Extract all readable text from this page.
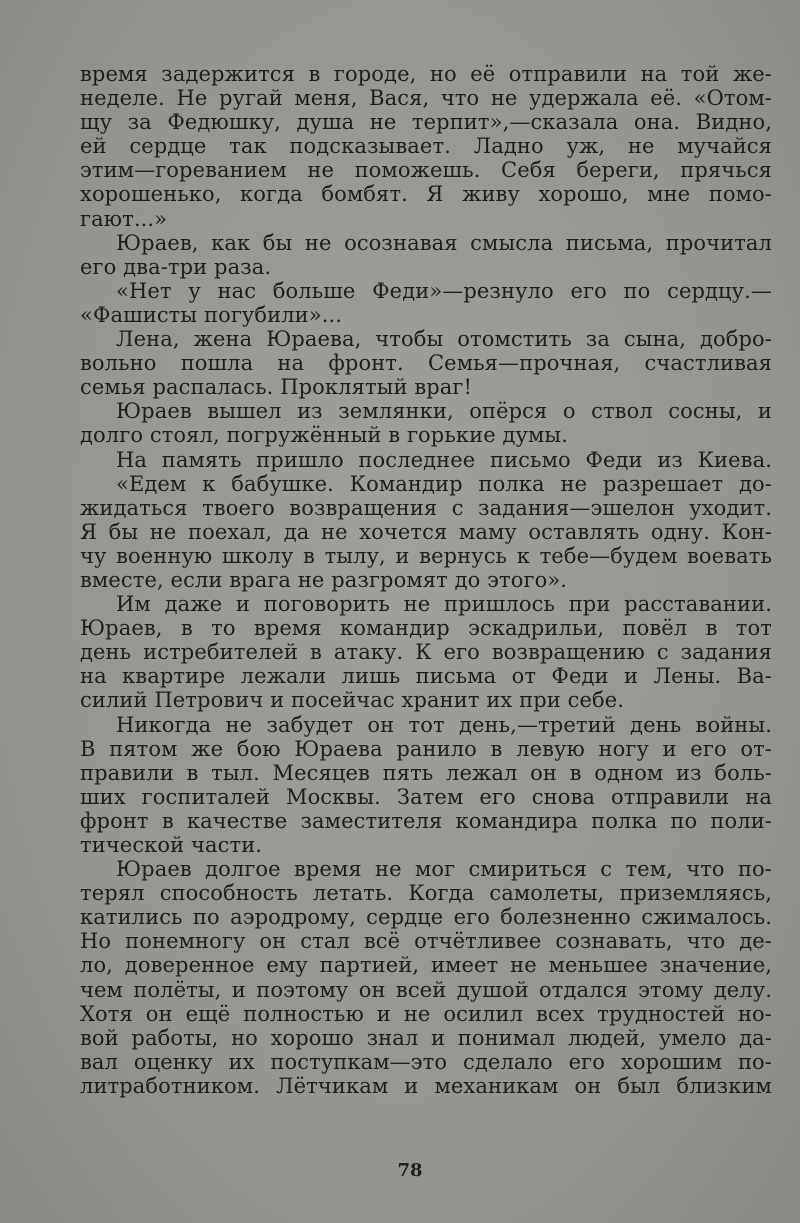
время задержится в городе, но её отправили на той же-
неделе. Не ругай меня, Вася, что не удержала её. «Отом-
щу за Федюшку, душа не терпит»,—сказала она. Видно,
ей сердце так подсказывает. Ладно уж, не мучайся
этим—горeванием не поможешь. Себя береги, прячься
хорошенько, когда бомбят. Я живу хорошо, мне помо-
гают...»
Юраев, как бы не осознавая смысла письма, прочитал
его два-три раза.
«Нет у нас больше Феди»—резнуло его по сердцу.—
«Фашисты погубили»...
Лена, жена Юраева, чтобы отомстить за сына, добро-
вольно пошла на фронт. Семья—прочная, счастливая
семья распалась. Проклятый враг!
Юраев вышел из землянки, опёрся о ствол сосны, и
долго стоял, погружённый в горькие думы.
На память пришло последнее письмо Феди из Киева.
«Едем к бабушке. Командир полка не разрешает до-
жидаться твоего возвращения с задания—эшелон уходит.
Я бы не поехал, да не хочется маму оставлять одну. Кон-
чу военную школу в тылу, и вернусь к тебе—будем воевать
вместе, если врага не разгромят до этого».
Им даже и поговорить не пришлось при расставании.
Юраев, в то время командир эскадрильи, повёл в тот
день истребителей в атаку. К его возвращению с задания
на квартире лежали лишь письма от Феди и Лены. Ва-
силий Петрович и посейчас хранит их при себе.
Никогда не забудет он тот день,—третий день войны.
В пятом же бою Юраева ранило в левую ногу и его от-
правили в тыл. Месяцев пять лежал он в одном из боль-
ших госпиталей Москвы. Затем его снова отправили на
фронт в качестве заместителя командира полка по поли-
тической части.
Юраев долгое время не мог смириться с тем, что по-
терял способность летать. Когда самолеты, приземляясь,
катились по аэродрому, сердце его болезненно сжималось.
Но понемногу он стал всё отчётливее сознавать, что де-
ло, доверенное ему партией, имеет не меньшее значение,
чем полёты, и поэтому он всей душой отдался этому делу.
Хотя он ещё полностью и не осилил всех трудностей но-
вой работы, но хорошо знал и понимал людей, умело да-
вал оценку их поступкам—это сделало его хорошим по-
литработником. Лётчикам и механикам он был близким
78
